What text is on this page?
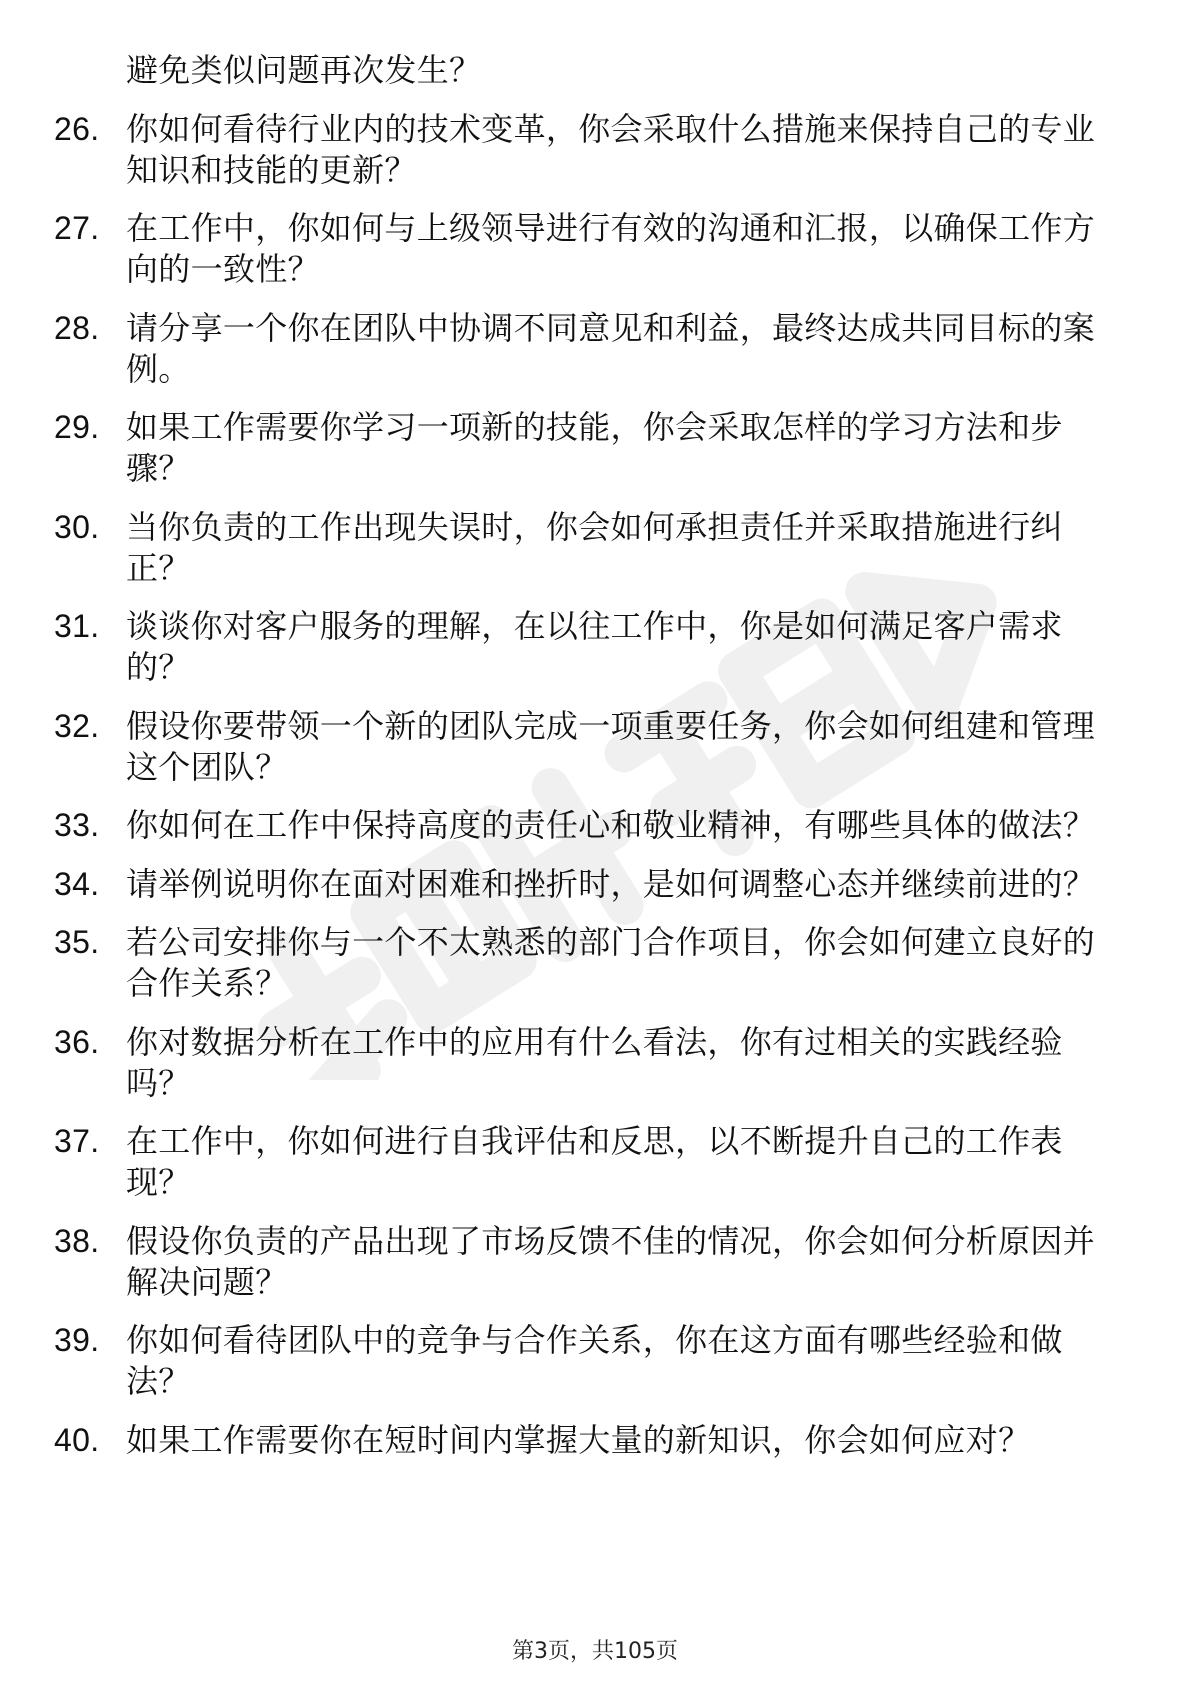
避免类似问题再次发生？
26. 你如何看待行业内的技术变革，你会采取什么措施来保持自己的专业知识和技能的更新？
27. 在工作中，你如何与上级领导进行有效的沟通和汇报，以确保工作方向的一致性？
28. 请分享一个你在团队中协调不同意见和利益，最终达成共同目标的案例。
29. 如果工作需要你学习一项新的技能，你会采取怎样的学习方法和步骤？
30. 当你负责的工作出现失误时，你会如何承担责任并采取措施进行纠正？
31. 谈谈你对客户服务的理解，在以往工作中，你是如何满足客户需求的？
32. 假设你要带领一个新的团队完成一项重要任务，你会如何组建和管理这个团队？
33. 你如何在工作中保持高度的责任心和敬业精神，有哪些具体的做法？
34. 请举例说明你在面对困难和挫折时，是如何调整心态并继续前进的？
35. 若公司安排你与一个不太熟悉的部门合作项目，你会如何建立良好的合作关系？
36. 你对数据分析在工作中的应用有什么看法，你有过相关的实践经验吗？
37. 在工作中，你如何进行自我评估和反思，以不断提升自己的工作表现？
38. 假设你负责的产品出现了市场反馈不佳的情况，你会如何分析原因并解决问题？
39. 你如何看待团队中的竞争与合作关系，你在这方面有哪些经验和做法？
40. 如果工作需要你在短时间内掌握大量的新知识，你会如何应对？
第3页，共105页
